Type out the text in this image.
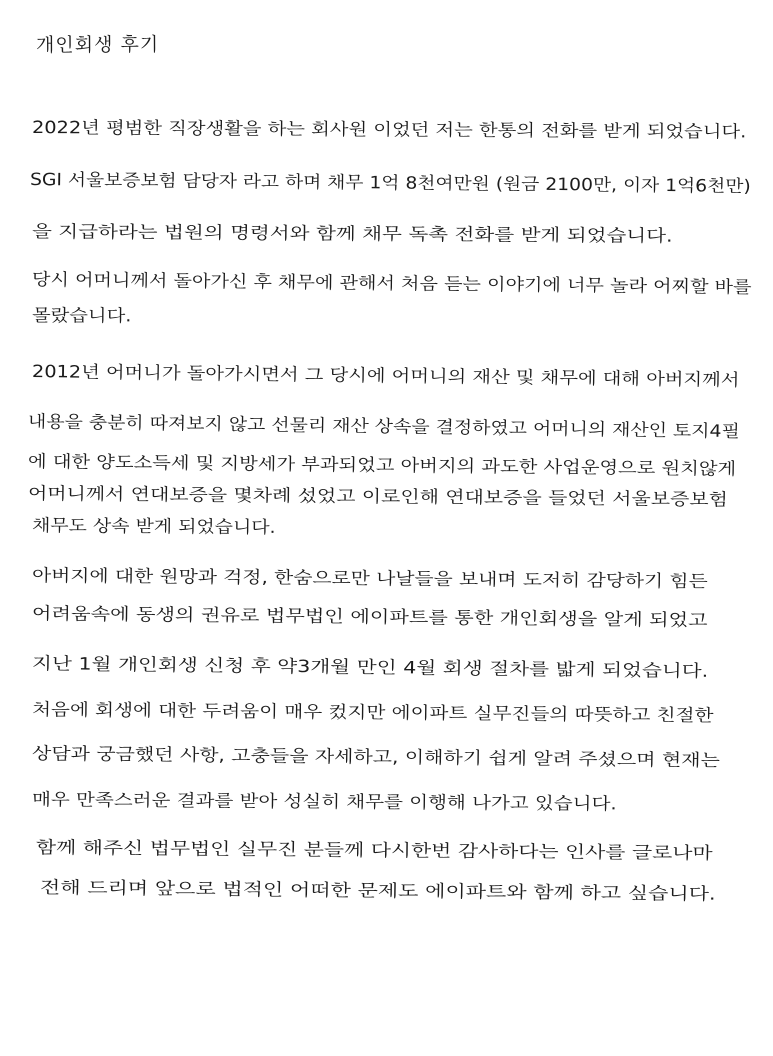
개인회생 후기
2022년 평범한 직장생활을 하는 회사원 이었던 저는 한통의 전화를 받게 되었습니다.
SGI 서울보증보험 담당자 라고 하며 채무 1억 8천여만원 (원금 2100만, 이자 1억6천만)
을 지급하라는 법원의 명령서와 함께 채무 독촉 전화를 받게 되었습니다.
당시 어머니께서 돌아가신 후 채무에 관해서 처음 듣는 이야기에 너무 놀라 어찌할 바를
몰랐습니다.
2012년 어머니가 돌아가시면서 그 당시에 어머니의 재산 및 채무에 대해 아버지께서
내용을 충분히 따져보지 않고 선물리 재산 상속을 결정하였고 어머니의 재산인 토지4필
에 대한 양도소득세 및 지방세가 부과되었고 아버지의 과도한 사업운영으로 원치않게
어머니께서 연대보증을 몇차례 섰었고 이로인해 연대보증을 들었던 서울보증보험
채무도 상속 받게 되었습니다.
아버지에 대한 원망과 걱정, 한숨으로만 나날들을 보내며 도저히 감당하기 힘든
어려움속에 동생의 권유로 법무법인 에이파트를 통한 개인회생을 알게 되었고
지난 1월 개인회생 신청 후 약3개월 만인 4월 회생 절차를 밟게 되었습니다.
처음에 회생에 대한 두려움이 매우 컸지만 에이파트 실무진들의 따뜻하고 친절한
상담과 궁금했던 사항, 고충들을 자세하고, 이해하기 쉽게 알려 주셨으며 현재는
매우 만족스러운 결과를 받아 성실히 채무를 이행해 나가고 있습니다.
함께 해주신 법무법인 실무진 분들께 다시한번 감사하다는 인사를 글로나마
전해 드리며 앞으로 법적인 어떠한 문제도 에이파트와 함께 하고 싶습니다.
